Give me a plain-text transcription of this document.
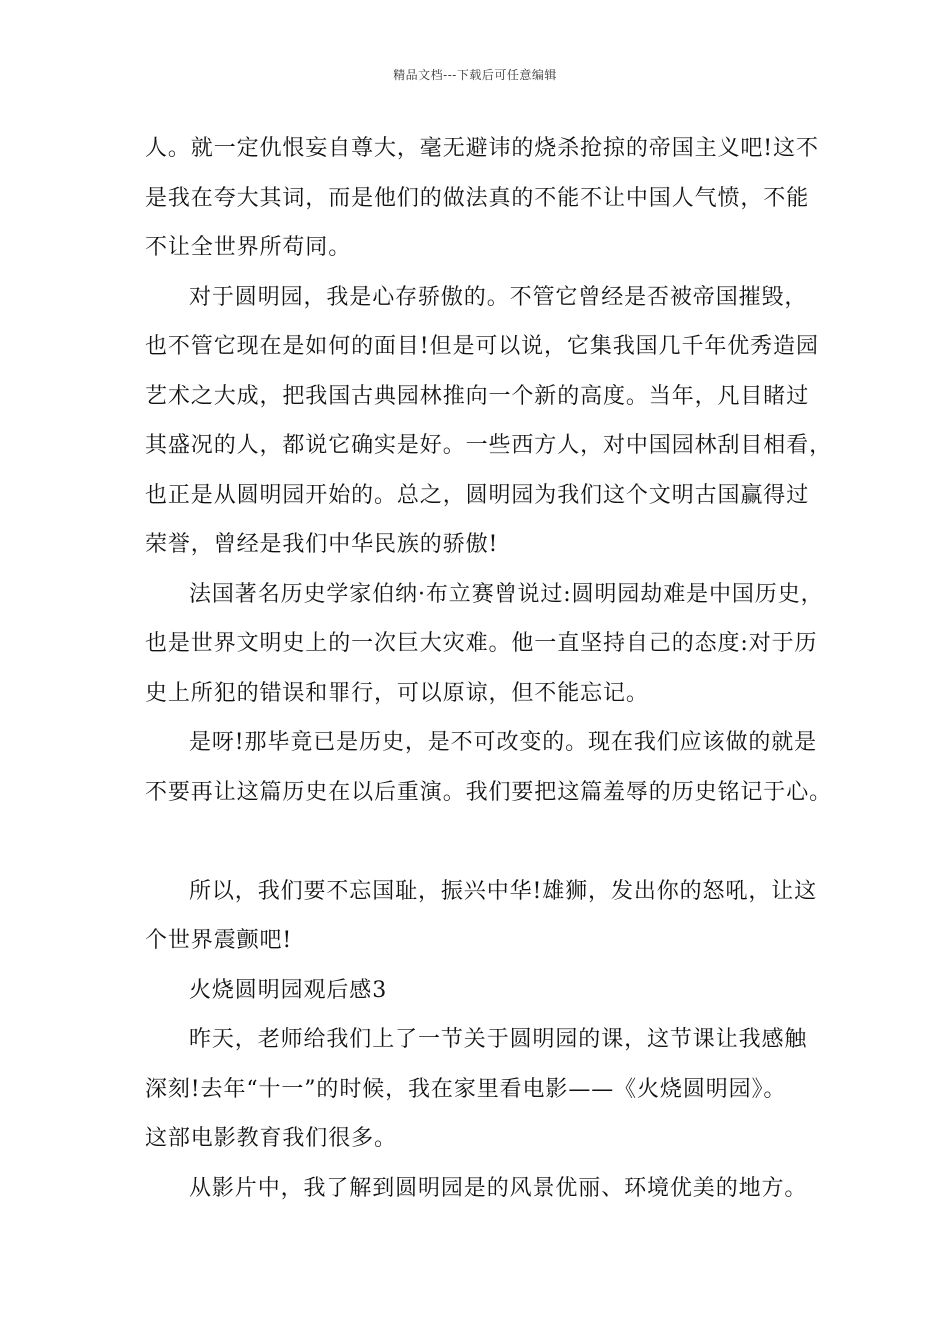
精品文档---下载后可任意编辑

人。就一定仇恨妄自尊大，毫无避讳的烧杀抢掠的帝国主义吧!这不
是我在夸大其词，而是他们的做法真的不能不让中国人气愤，不能
不让全世界所苟同。

对于圆明园，我是心存骄傲的。不管它曾经是否被帝国摧毁，
也不管它现在是如何的面目!但是可以说，它集我国几千年优秀造园
艺术之大成，把我国古典园林推向一个新的高度。当年，凡目睹过
其盛况的人，都说它确实是好。一些西方人，对中国园林刮目相看，
也正是从圆明园开始的。总之，圆明园为我们这个文明古国赢得过
荣誉，曾经是我们中华民族的骄傲!

法国著名历史学家伯纳·布立赛曾说过:圆明园劫难是中国历史，
也是世界文明史上的一次巨大灾难。他一直坚持自己的态度:对于历
史上所犯的错误和罪行，可以原谅，但不能忘记。

是呀!那毕竟已是历史，是不可改变的。现在我们应该做的就是
不要再让这篇历史在以后重演。我们要把这篇羞辱的历史铭记于心。

所以，我们要不忘国耻，振兴中华!雄狮，发出你的怒吼，让这
个世界震颤吧!

火烧圆明园观后感3

昨天，老师给我们上了一节关于圆明园的课，这节课让我感触
深刻!去年“十一”的时候，我在家里看电影——《火烧圆明园》。
这部电影教育我们很多。

从影片中，我了解到圆明园是的风景优丽、环境优美的地方。
